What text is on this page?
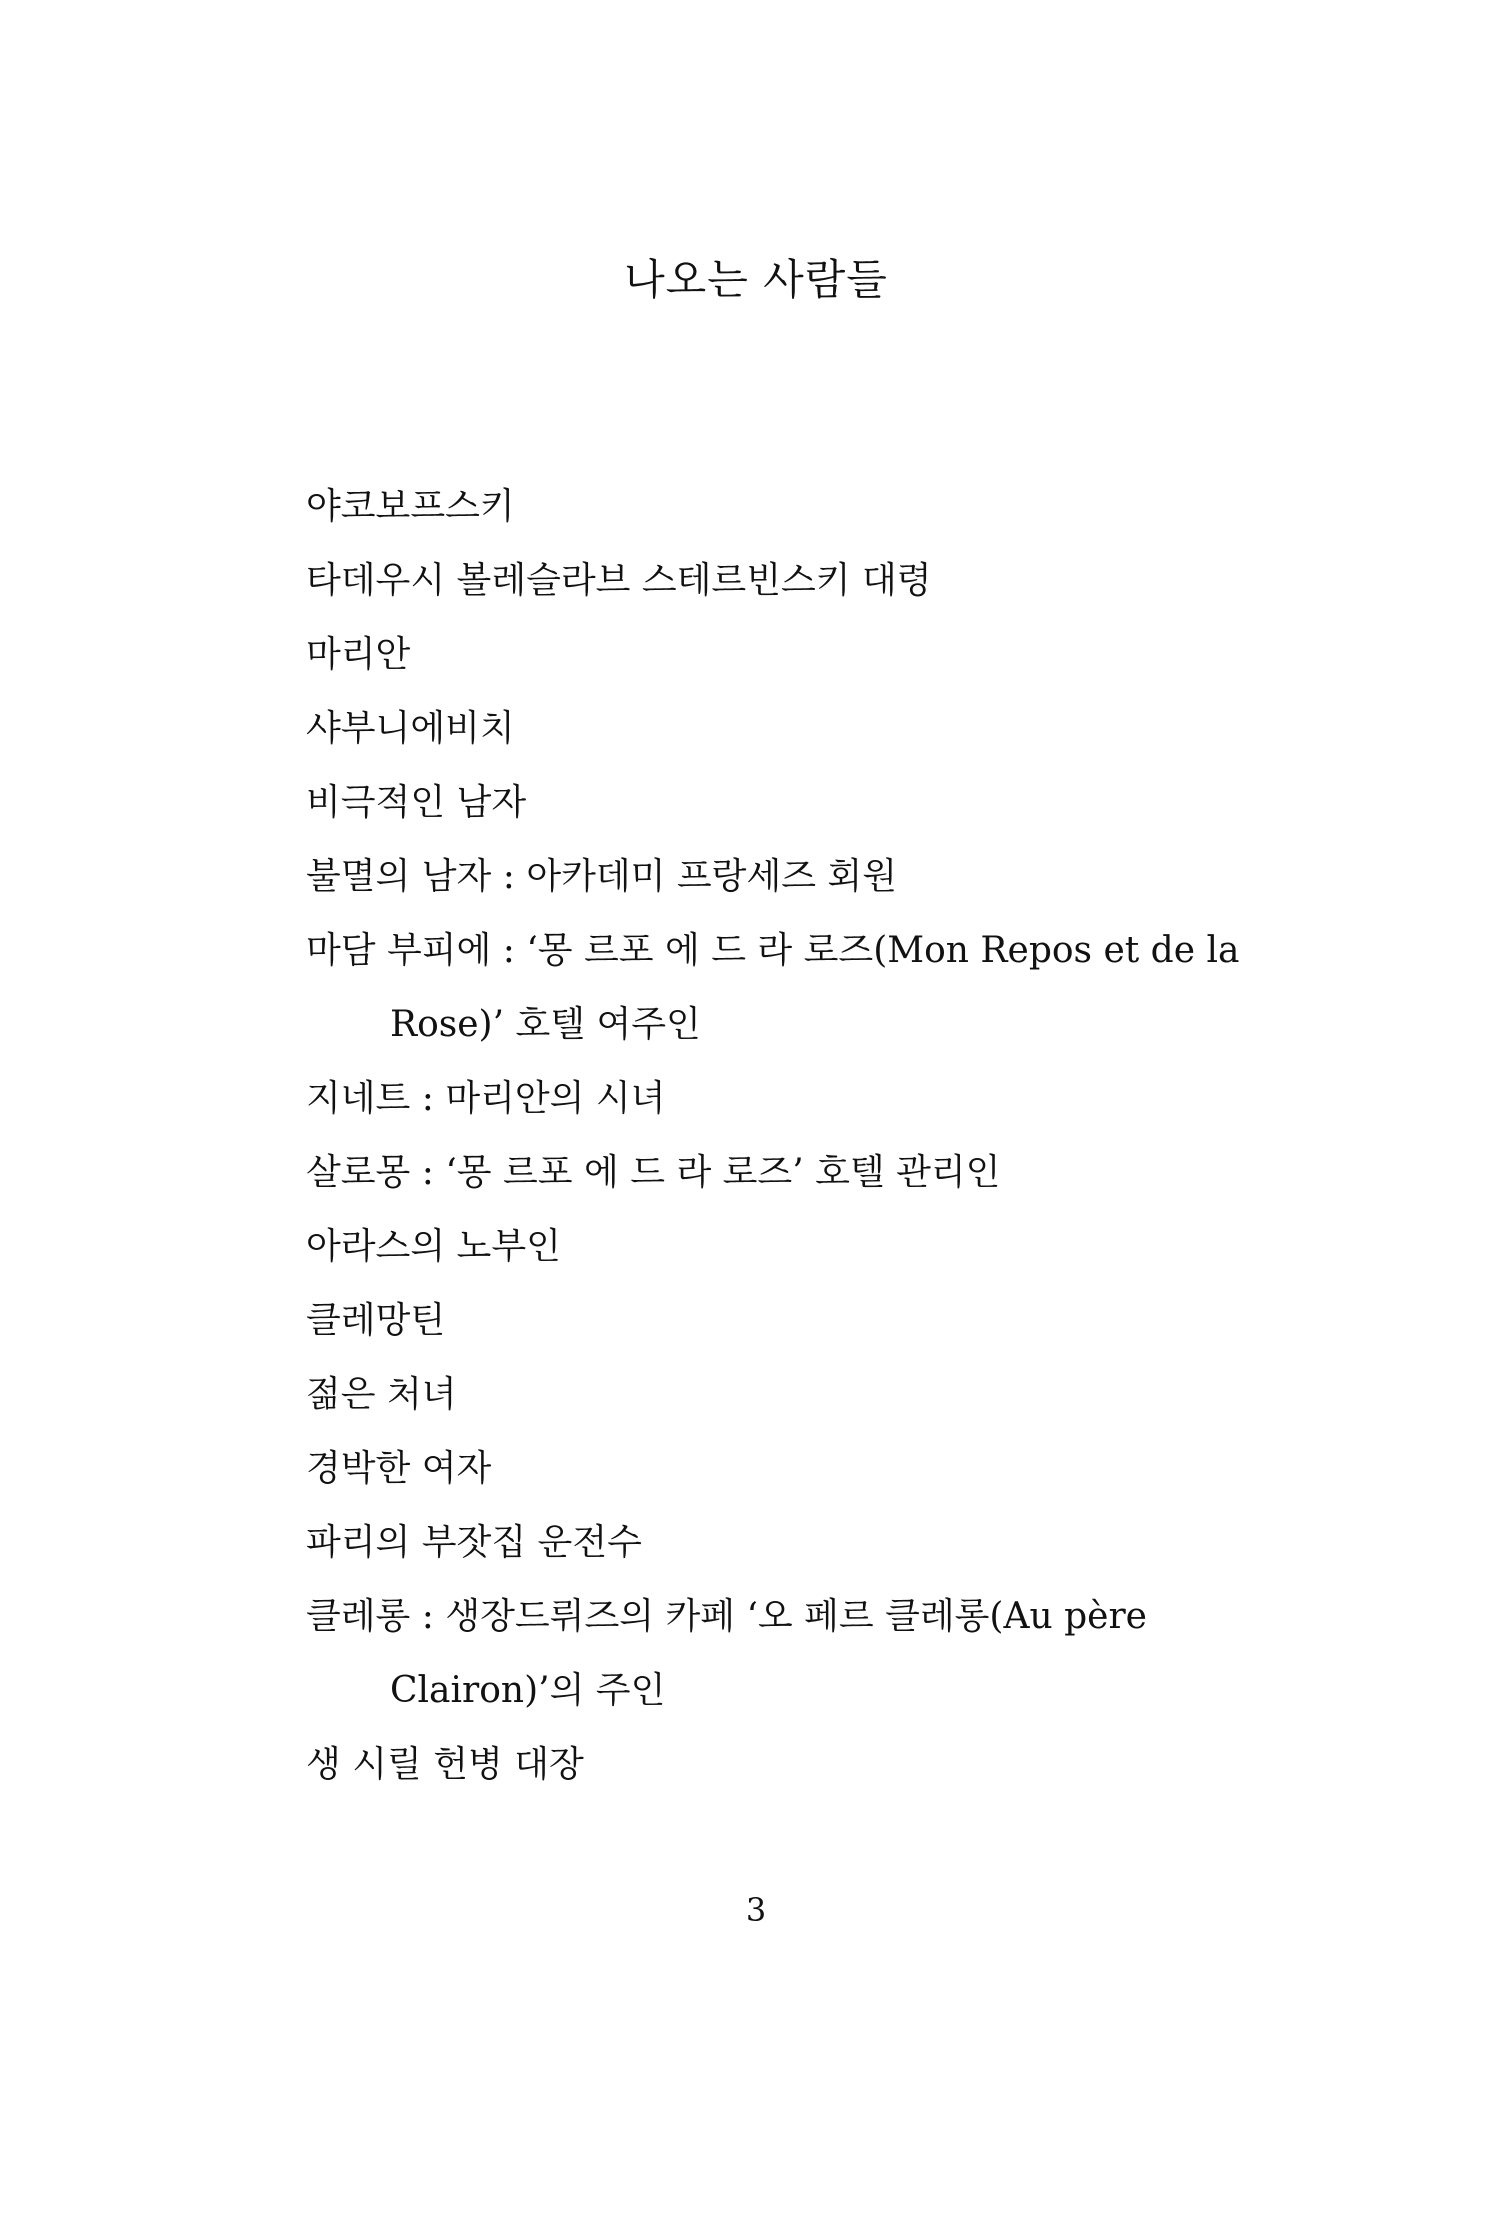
나오는 사람들
야코보프스키
타데우시 볼레슬라브 스테르빈스키 대령
마리안
샤부니에비치
비극적인 남자
불멸의 남자 : 아카데미 프랑세즈 회원
마담 부피에 : ‘몽 르포 에 드 라 로즈(Mon Repos et de la
Rose)’ 호텔 여주인
지네트 : 마리안의 시녀
살로몽 : ‘몽 르포 에 드 라 로즈’ 호텔 관리인
아라스의 노부인
클레망틴
젊은 처녀
경박한 여자
파리의 부잣집 운전수
클레롱 : 생장드뤼즈의 카페 ‘오 페르 클레롱(Au père
Clairon)’의 주인
생 시릴 헌병 대장
3
